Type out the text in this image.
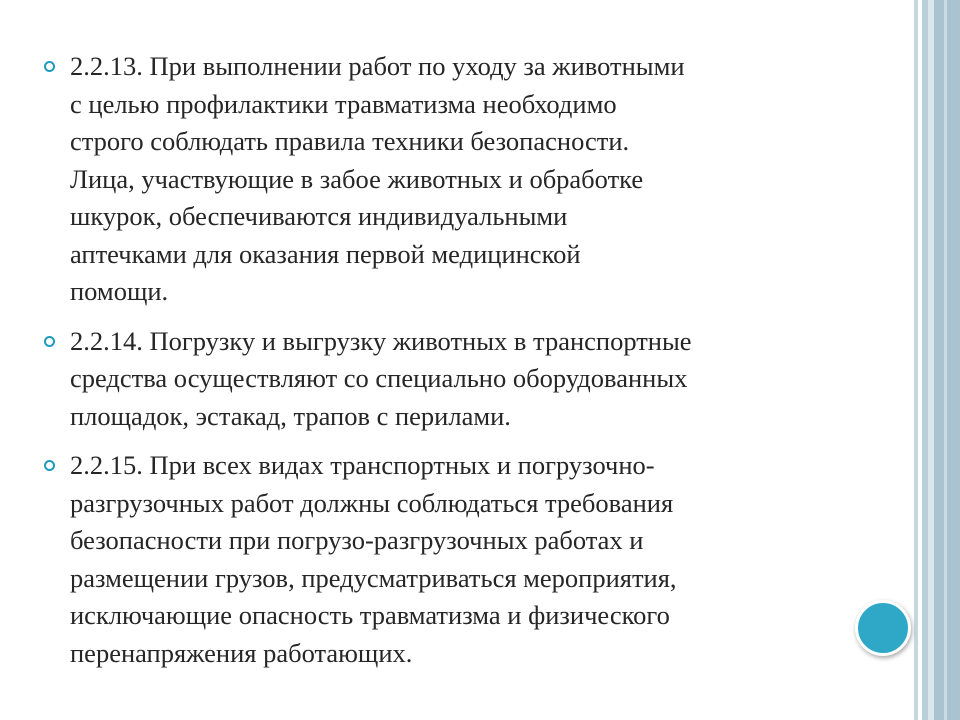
2.2.13. При выполнении работ по уходу за животными
с целью профилактики травматизма необходимо
строго соблюдать правила техники безопасности.
Лица, участвующие в забое животных и обработке
шкурок, обеспечиваются индивидуальными
аптечками для оказания первой медицинской
помощи.
2.2.14. Погрузку и выгрузку животных в транспортные
средства осуществляют со специально оборудованных
площадок, эстакад, трапов с перилами.
2.2.15. При всех видах транспортных и погрузочно-
разгрузочных работ должны соблюдаться требования
безопасности при погрузо-разгрузочных работах и
размещении грузов, предусматриваться мероприятия,
исключающие опасность травматизма и физического
перенапряжения работающих.
